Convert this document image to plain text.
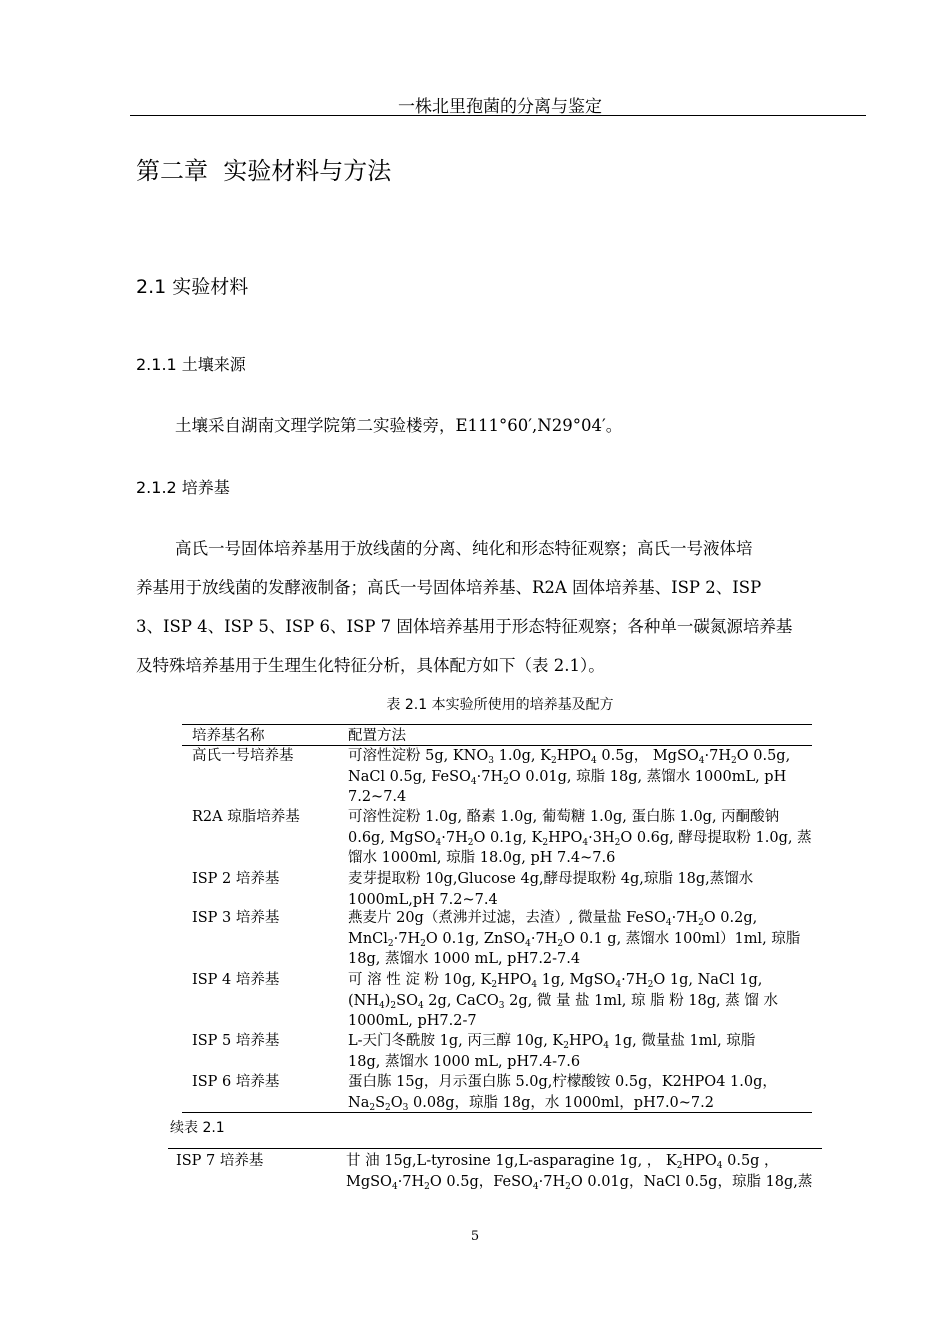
一株北里孢菌的分离与鉴定
第二章  实验材料与方法
2.1 实验材料
2.1.1 土壤来源
土壤采自湖南文理学院第二实验楼旁，E111°60′,N29°04′。
2.1.2 培养基
高氏一号固体培养基用于放线菌的分离、纯化和形态特征观察；高氏一号液体培
养基用于放线菌的发酵液制备；高氏一号固体培养基、R2A 固体培养基、ISP 2、ISP
3、ISP 4、ISP 5、ISP 6、ISP 7 固体培养基用于形态特征观察；各种单一碳氮源培养基
及特殊培养基用于生理生化特征分析，具体配方如下（表 2.1）。
表 2.1 本实验所使用的培养基及配方
培养基名称	配置方法
高氏一号培养基	可溶性淀粉 5g, $KNO_3$ 1.0g, $K_2HPO_4$ 0.5g， $MgSO_4\cdot 7H_2O$ 0.5g,
NaCl 0.5g, $FeSO_4\cdot 7H_2O$ 0.01g, 琼脂 18g, 蒸馏水 1000mL, pH
7.2~7.4
R2A 琼脂培养基	可溶性淀粉 1.0g, 酪素 1.0g, 葡萄糖 1.0g, 蛋白胨 1.0g, 丙酮酸钠
0.6g, $MgSO_4\cdot 7H_2O$ 0.1g, $K_2HPO_4\cdot 3H_2O$ 0.6g, 酵母提取粉 1.0g, 蒸
馏水 1000ml, 琼脂 18.0g, pH 7.4~7.6
ISP 2 培养基	麦芽提取粉 10g,Glucose 4g,酵母提取粉 4g,琼脂 18g,蒸馏水
1000mL,pH 7.2~7.4
ISP 3 培养基	燕麦片 20g（煮沸并过滤，去渣）, 微量盐 $FeSO_4\cdot 7H_2O$ 0.2g,
$MnCl_2\cdot 7H_2O$ 0.1g, $ZnSO_4\cdot 7H_2O$ 0.1 g, 蒸馏水 100ml）1ml, 琼脂
18g, 蒸馏水 1000 mL, pH7.2-7.4
ISP 4 培养基	可 溶 性 淀 粉 10g, $K_2HPO_4$ 1g, $MgSO_4\cdot 7H_2O$ 1g, NaCl 1g,
$(NH_4)_2SO_4$ 2g, CaCO$_3$ 2g, 微 量 盐 1ml, 琼 脂 粉 18g, 蒸 馏 水
1000mL, pH7.2-7
ISP 5 培养基	L-天门冬酰胺 1g, 丙三醇 10g, $K_2HPO_4$ 1g, 微量盐 1ml, 琼脂
18g, 蒸馏水 1000 mL, pH7.4-7.6
ISP 6 培养基	蛋白胨 15g，月示蛋白胨 5.0g,柠檬酸铵 0.5g，K2HPO4 1.0g，
$Na_2S_2O_3$ 0.08g，琼脂 18g，水 1000ml，pH7.0~7.2
ISP 7 培养基	甘 油 15g,L-tyrosine 1g,L-asparagine 1g, ， $K_2HPO_4$ 0.5g ，
$MgSO_4\cdot 7H_2O$ 0.5g，$FeSO_4\cdot 7H_2O$ 0.01g，NaCl 0.5g，琼脂 18g,蒸
续表 2.1
5
